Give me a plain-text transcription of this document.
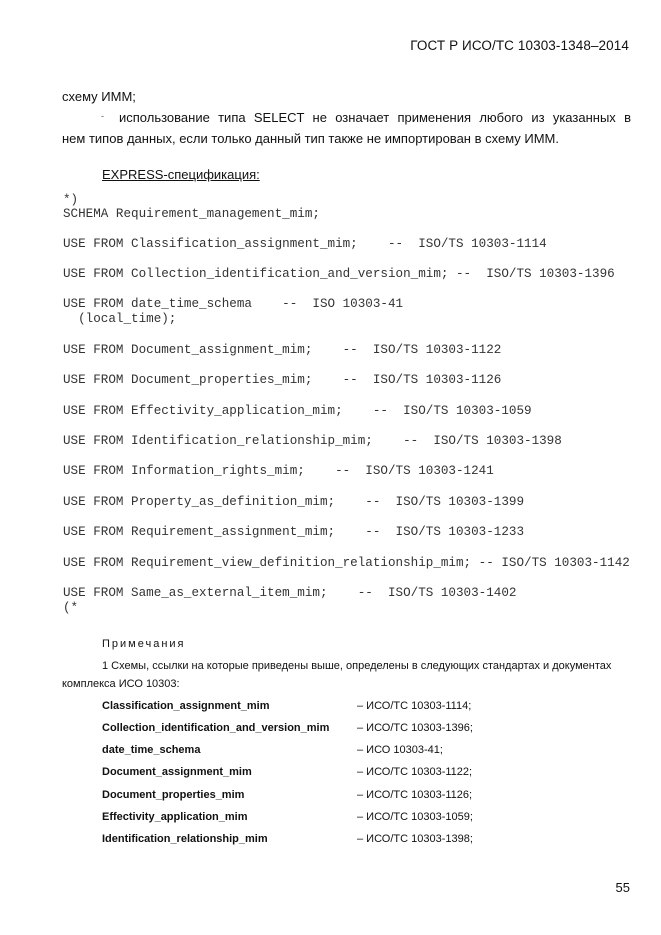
ГОСТ Р ИСО/ТС 10303-1348–2014
схему ИММ;
- использование типа SELECT не означает применения любого из указанных в
нем типов данных, если только данный тип также не импортирован в схему ИММ.
EXPRESS-спецификация:
*)
SCHEMA Requirement_management_mim;
USE FROM Classification_assignment_mim;    --  ISO/TS 10303-1114
USE FROM Collection_identification_and_version_mim; --  ISO/TS 10303-1396
USE FROM date_time_schema    --  ISO 10303-41
(local_time);
USE FROM Document_assignment_mim;    --  ISO/TS 10303-1122
USE FROM Document_properties_mim;    --  ISO/TS 10303-1126
USE FROM Effectivity_application_mim;    --  ISO/TS 10303-1059
USE FROM Identification_relationship_mim;    --  ISO/TS 10303-1398
USE FROM Information_rights_mim;    --  ISO/TS 10303-1241
USE FROM Property_as_definition_mim;    --  ISO/TS 10303-1399
USE FROM Requirement_assignment_mim;    --  ISO/TS 10303-1233
USE FROM Requirement_view_definition_relationship_mim; -- ISO/TS 10303-1142
USE FROM Same_as_external_item_mim;    --  ISO/TS 10303-1402
(*
Примечания
1 Схемы, ссылки на которые приведены выше, определены в следующих стандартах и документах
комплекса ИСО 10303:
Classification_assignment_mim	– ИСО/ТС 10303-1114;
Collection_identification_and_version_mim	– ИСО/ТС 10303-1396;
date_time_schema	– ИСО 10303-41;
Document_assignment_mim	– ИСО/ТС 10303-1122;
Document_properties_mim	– ИСО/ТС 10303-1126;
Effectivity_application_mim	– ИСО/ТС 10303-1059;
Identification_relationship_mim	– ИСО/ТС 10303-1398;
55
